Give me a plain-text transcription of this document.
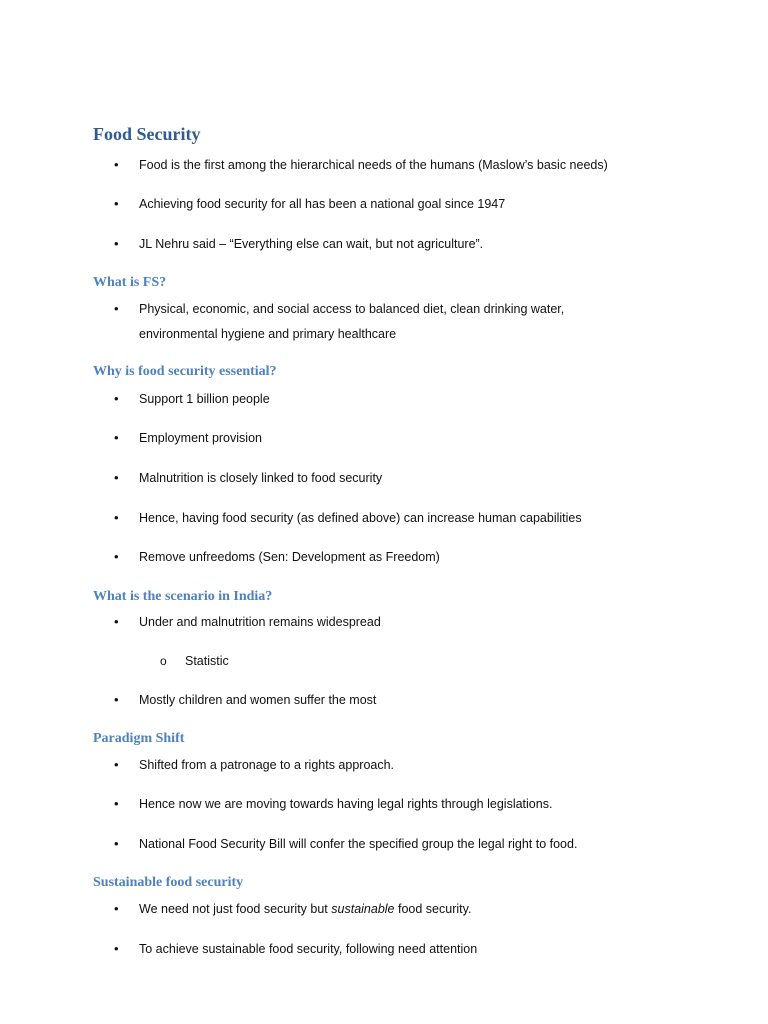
Food Security
• Food is the first among the hierarchical needs of the humans (Maslow’s basic needs)
• Achieving food security for all has been a national goal since 1947
• JL Nehru said – “Everything else can wait, but not agriculture”.
What is FS?
• Physical, economic, and social access to balanced diet, clean drinking water,
environmental hygiene and primary healthcare
Why is food security essential?
• Support 1 billion people
• Employment provision
• Malnutrition is closely linked to food security
• Hence, having food security (as defined above) can increase human capabilities
• Remove unfreedoms (Sen: Development as Freedom)
What is the scenario in India?
• Under and malnutrition remains widespread
o Statistic
• Mostly children and women suffer the most
Paradigm Shift
• Shifted from a patronage to a rights approach.
• Hence now we are moving towards having legal rights through legislations.
• National Food Security Bill will confer the specified group the legal right to food.
Sustainable food security
• We need not just food security but sustainable food security.
• To achieve sustainable food security, following need attention
